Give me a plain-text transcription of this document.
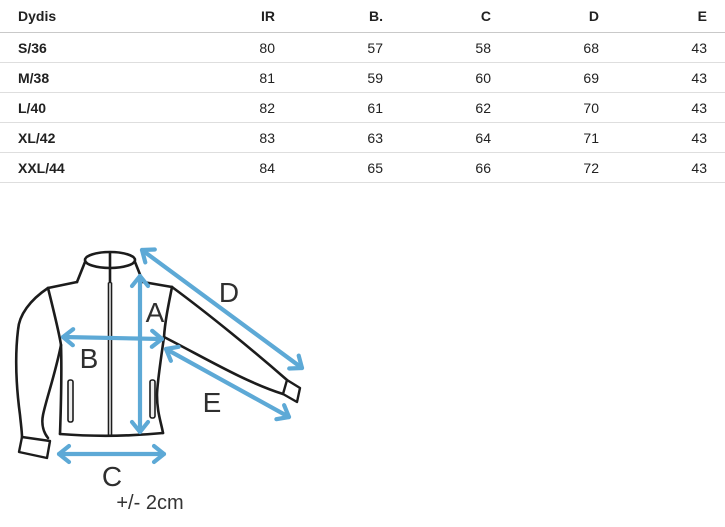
Dydis	IR	B.	C	D	E
S/36	80	57	58	68	43
M/38	81	59	60	69	43
L/40	82	61	62	70	43
XL/42	83	63	64	71	43
XXL/44	84	65	66	72	43
A
B
C
D
E
+/- 2cm
